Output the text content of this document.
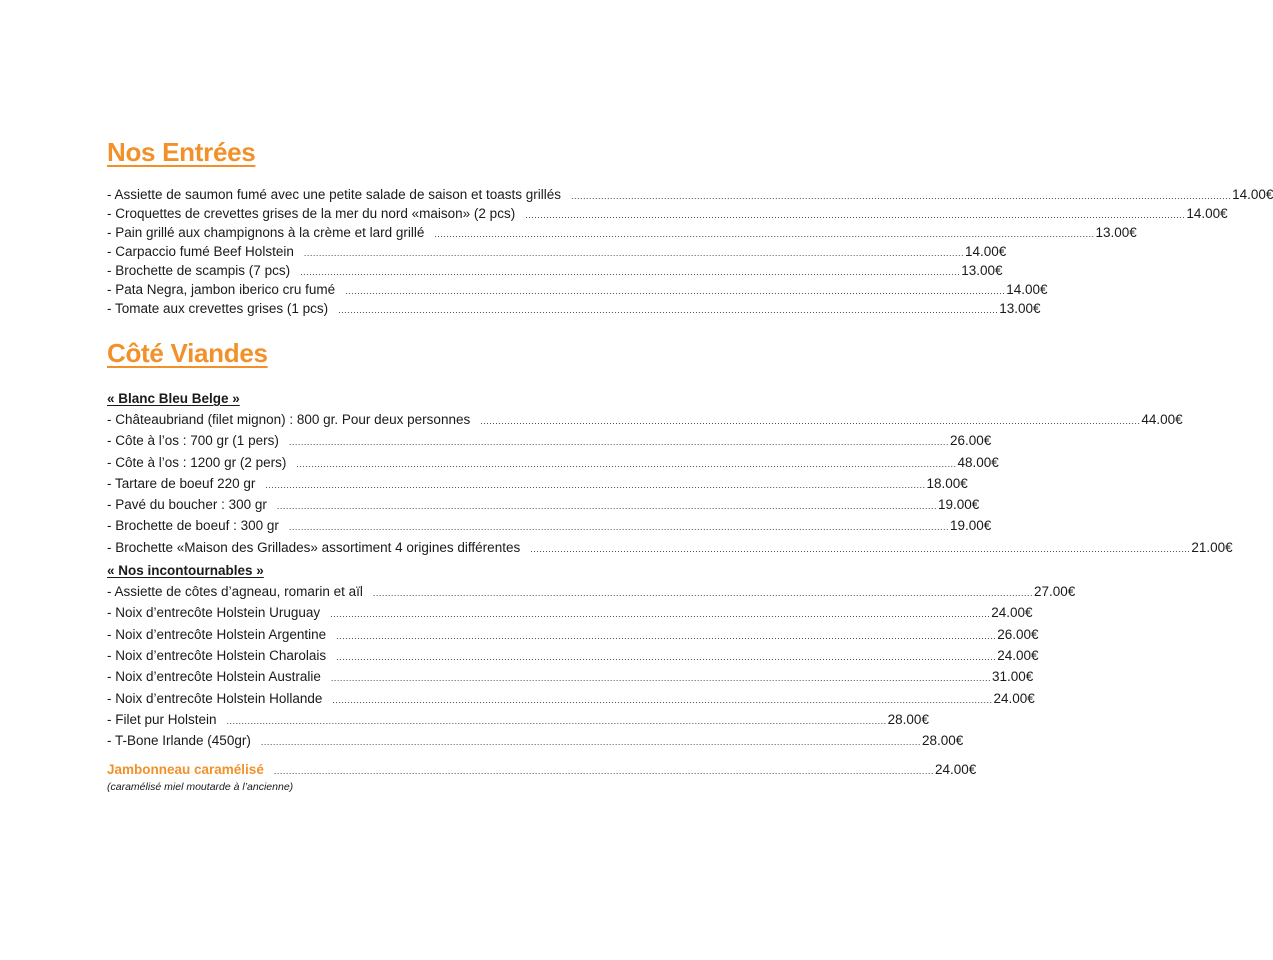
Nos Entrées
- Assiette de saumon fumé avec une petite salade de saison et toasts grillés ............................................................................................................................................................................................................................ 14.00€
- Croquettes de crevettes grises de la mer du nord «maison» (2 pcs) ............................................................................................................................................................................................................................ 14.00€
- Pain grillé aux champignons à la crème et lard grillé ............................................................................................................................................................................................................................ 13.00€
- Carpaccio fumé Beef Holstein ............................................................................................................................................................................................................................ 14.00€
- Brochette de scampis (7 pcs) ............................................................................................................................................................................................................................ 13.00€
- Pata Negra, jambon iberico cru fumé ............................................................................................................................................................................................................................ 14.00€
- Tomate aux crevettes grises (1 pcs) ............................................................................................................................................................................................................................ 13.00€
Côté Viandes

« Blanc Bleu Belge »

- Châteaubriand (filet mignon) : 800 gr. Pour deux personnes ............................................................................................................................................................................................................................ 44.00€
- Côte à l’os : 700 gr (1 pers) ............................................................................................................................................................................................................................ 26.00€
- Côte à l’os : 1200 gr (2 pers) ............................................................................................................................................................................................................................ 48.00€
- Tartare de boeuf 220 gr ............................................................................................................................................................................................................................ 18.00€
- Pavé du boucher : 300 gr ............................................................................................................................................................................................................................ 19.00€
- Brochette de boeuf : 300 gr ............................................................................................................................................................................................................................ 19.00€
- Brochette «Maison des Grillades» assortiment 4 origines différentes ............................................................................................................................................................................................................................ 21.00€

« Nos incontournables »

- Assiette de côtes d’agneau, romarin et aïl ............................................................................................................................................................................................................................ 27.00€
- Noix d’entrecôte Holstein Uruguay ............................................................................................................................................................................................................................ 24.00€
- Noix d’entrecôte Holstein Argentine ............................................................................................................................................................................................................................ 26.00€
- Noix d’entrecôte Holstein Charolais ............................................................................................................................................................................................................................ 24.00€
- Noix d’entrecôte Holstein Australie ............................................................................................................................................................................................................................ 31.00€
- Noix d’entrecôte Holstein Hollande ............................................................................................................................................................................................................................ 24.00€
- Filet pur Holstein ............................................................................................................................................................................................................................ 28.00€
- T-Bone Irlande (450gr) ............................................................................................................................................................................................................................ 28.00€
Jambonneau caramélisé ............................................................................................................................................................................................................................ 24.00€

(caramélisé miel moutarde à l’ancienne)
